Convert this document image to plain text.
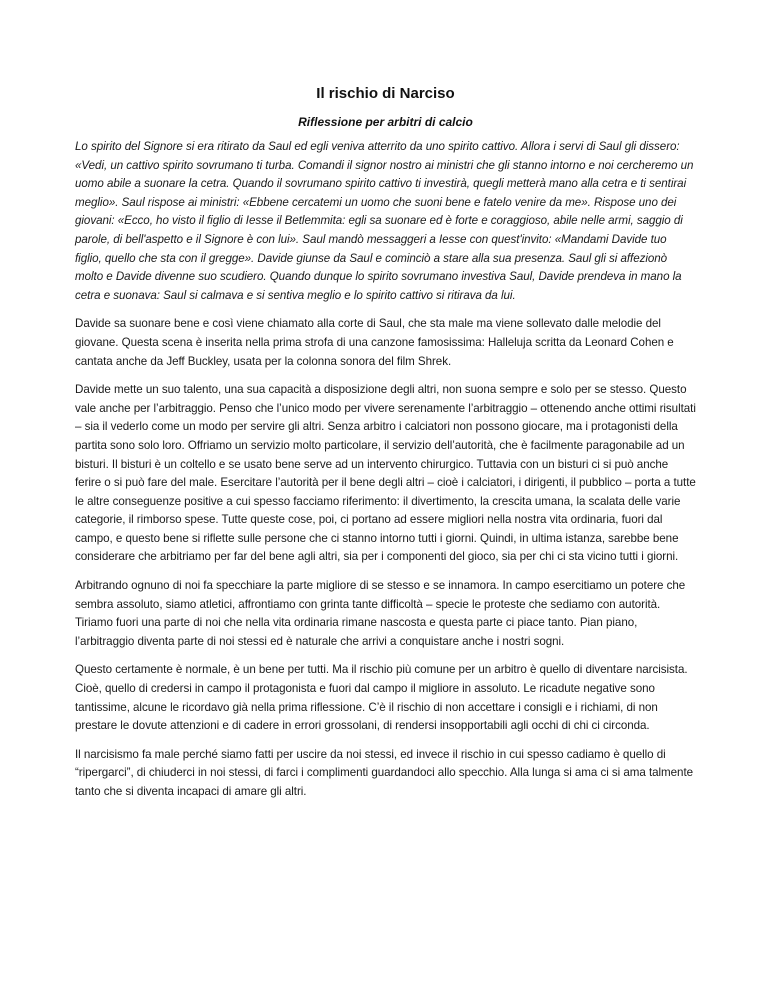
Il rischio di Narciso
Riflessione per arbitri di calcio

Lo spirito del Signore si era ritirato da Saul ed egli veniva atterrito da uno spirito cattivo. Allora i servi di Saul gli dissero: «Vedi, un cattivo spirito sovrumano ti turba. Comandi il signor nostro ai ministri che gli stanno intorno e noi cercheremo un uomo abile a suonare la cetra. Quando il sovrumano spirito cattivo ti investirà, quegli metterà mano alla cetra e ti sentirai meglio». Saul rispose ai ministri: «Ebbene cercatemi un uomo che suoni bene e fatelo venire da me». Rispose uno dei giovani: «Ecco, ho visto il figlio di Iesse il Betlemmita: egli sa suonare ed è forte e coraggioso, abile nelle armi, saggio di parole, di bell'aspetto e il Signore è con lui». Saul mandò messaggeri a Iesse con quest'invito: «Mandami Davide tuo figlio, quello che sta con il gregge». Davide giunse da Saul e cominciò a stare alla sua presenza. Saul gli si affezionò molto e Davide divenne suo scudiero. Quando dunque lo spirito sovrumano investiva Saul, Davide prendeva in mano la cetra e suonava: Saul si calmava e si sentiva meglio e lo spirito cattivo si ritirava da lui.

Davide sa suonare bene e così viene chiamato alla corte di Saul, che sta male ma viene sollevato dalle melodie del giovane. Questa scena è inserita nella prima strofa di una canzone famosissima: Halleluja scritta da Leonard Cohen e cantata anche da Jeff Buckley, usata per la colonna sonora del film Shrek.

Davide mette un suo talento, una sua capacità a disposizione degli altri, non suona sempre e solo per se stesso. Questo vale anche per l’arbitraggio. Penso che l’unico modo per vivere serenamente l’arbitraggio – ottenendo anche ottimi risultati – sia il vederlo come un modo per servire gli altri. Senza arbitro i calciatori non possono giocare, ma i protagonisti della partita sono solo loro. Offriamo un servizio molto particolare, il servizio dell’autorità, che è facilmente paragonabile ad un bisturi. Il bisturi è un coltello e se usato bene serve ad un intervento chirurgico. Tuttavia con un bisturi ci si può anche ferire o si può fare del male. Esercitare l’autorità per il bene degli altri – cioè i calciatori, i dirigenti, il pubblico – porta a tutte le altre conseguenze positive a cui spesso facciamo riferimento: il divertimento, la crescita umana, la scalata delle varie categorie, il rimborso spese. Tutte queste cose, poi, ci portano ad essere migliori nella nostra vita ordinaria, fuori dal campo, e questo bene si riflette sulle persone che ci stanno intorno tutti i giorni. Quindi, in ultima istanza, sarebbe bene considerare che arbitriamo per far del bene agli altri, sia per i componenti del gioco, sia per chi ci sta vicino tutti i giorni.

Arbitrando ognuno di noi fa specchiare la parte migliore di se stesso e se innamora. In campo esercitiamo un potere che sembra assoluto, siamo atletici, affrontiamo con grinta tante difficoltà – specie le proteste che sediamo con autorità. Tiriamo fuori una parte di noi che nella vita ordinaria rimane nascosta e questa parte ci piace tanto. Pian piano, l’arbitraggio diventa parte di noi stessi ed è naturale che arrivi a conquistare anche i nostri sogni.

Questo certamente è normale, è un bene per tutti. Ma il rischio più comune per un arbitro è quello di diventare narcisista. Cioè, quello di credersi in campo il protagonista e fuori dal campo il migliore in assoluto. Le ricadute negative sono tantissime, alcune le ricordavo già nella prima riflessione. C’è il rischio di non accettare i consigli e i richiami, di non prestare le dovute attenzioni e di cadere in errori grossolani, di rendersi insopportabili agli occhi di chi ci circonda.

Il narcisismo fa male perché siamo fatti per uscire da noi stessi, ed invece il rischio in cui spesso cadiamo è quello di “ripergarci”, di chiuderci in noi stessi, di farci i complimenti guardandoci allo specchio. Alla lunga si ama ci si ama talmente tanto che si diventa incapaci di amare gli altri.
